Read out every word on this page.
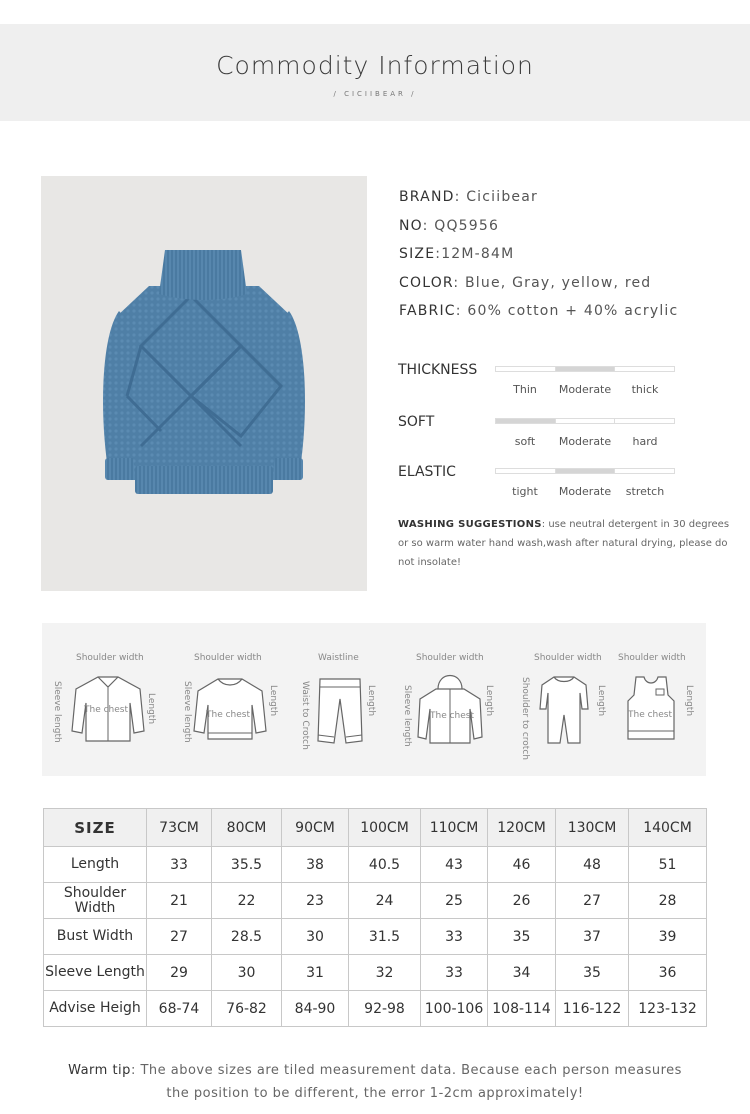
Commodity Information
/ CICIIBEAR /
BRAND: Ciciibear
NO: QQ5956
SIZE:12M-84M
COLOR: Blue, Gray, yellow, red
FABRIC: 60% cotton + 40% acrylic
THICKNESS
Thin	Moderate	thick
SOFT
soft	Moderate	hard
ELASTIC
tight	Moderate	stretch
WASHING SUGGESTIONS: use neutral detergent in 30 degrees or so warm water hand wash,wash after natural drying, please do not insolate!
Shoulder width
Sleeve length	Length
The chest
Shoulder width
Sleeve length	Length
The chest
Waistline
Waist to Crotch	Length
Shoulder width
Sleeve length	Length
The chest
Shoulder width
Shoulder to crotch	Length
Shoulder width
Length
The chest
SIZE	73CM	80CM	90CM	100CM	110CM	120CM	130CM	140CM
Length	33	35.5	38	40.5	43	46	48	51
Shoulder Width	21	22	23	24	25	26	27	28
Bust Width	27	28.5	30	31.5	33	35	37	39
Sleeve Length	29	30	31	32	33	34	35	36
Advise Heigh	68-74	76-82	84-90	92-98	100-106	108-114	116-122	123-132
Warm tip: The above sizes are tiled measurement data. Because each person measures
the position to be different, the error 1-2cm approximately!
